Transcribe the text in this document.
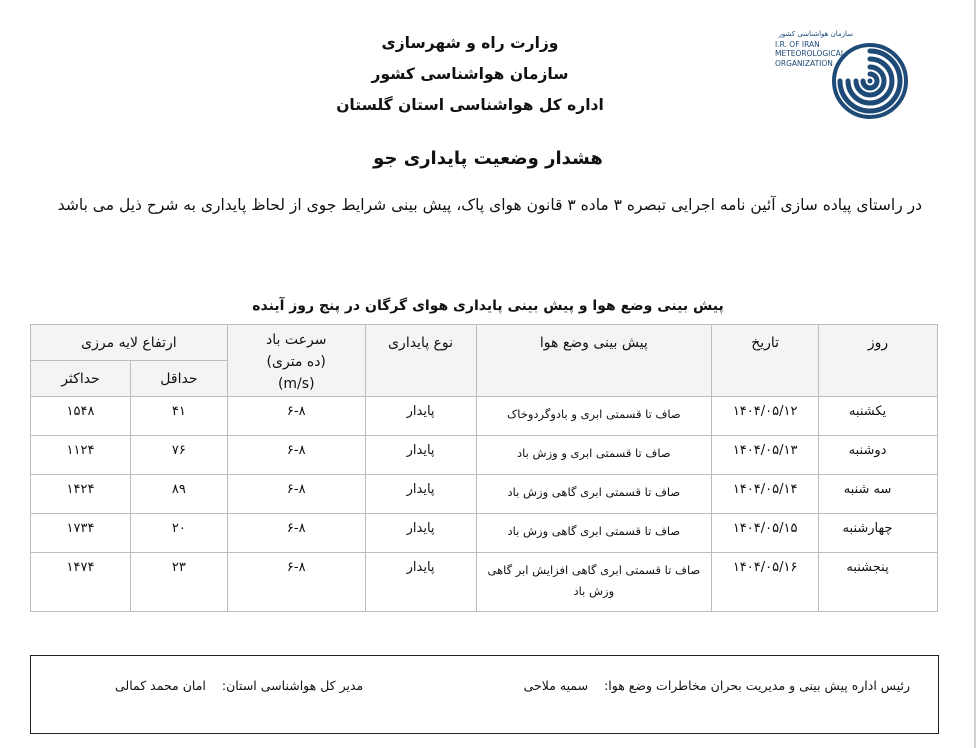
وزارت راه و شهرسازی
سازمان هواشناسی کشور
اداره کل هواشناسی استان گلستان
سازمان هواشناسی کشور
I.R. OF IRAN
METEOROLOGICAL
ORGANIZATION
هشدار وضعیت پایداری جو
در راستای پیاده سازی آئین نامه اجرایی تبصره ۳ ماده ۳ قانون هوای پاک، پیش بینی شرایط جوی از لحاظ پایداری به شرح ذیل می باشد
پیش بینی وضع هوا و پیش بینی پایداری هوای گرگان در پنج روز آینده
روز	تاریخ	پیش بینی وضع هوا	نوع پایداری	سرعت باد
(ده متری)
(m/s)	ارتفاع لایه مرزی	
					حداقل	حداکثر
یکشنبه	۱۴۰۴/۰۵/۱۲	صاف تا قسمتی ابری و بادوگردوخاک	پایدار	۶-۸	۴۱	۱۵۴۸
دوشنبه	۱۴۰۴/۰۵/۱۳	صاف تا قسمتی ابری و وزش باد	پایدار	۶-۸	۷۶	۱۱۲۴
سه شنبه	۱۴۰۴/۰۵/۱۴	صاف تا قسمتی ابری گاهی وزش باد	پایدار	۶-۸	۸۹	۱۴۲۴
چهارشنبه	۱۴۰۴/۰۵/۱۵	صاف تا قسمتی ابری گاهی وزش باد	پایدار	۶-۸	۲۰	۱۷۳۴
پنجشنبه	۱۴۰۴/۰۵/۱۶	صاف تا قسمتی ابری گاهی افزایش ابر گاهی وزش باد	پایدار	۶-۸	۲۳	۱۴۷۴
رئیس اداره پیش بینی و مدیریت بحران مخاطرات وضع هوا: سمیه ملاحی
مدیر کل هواشناسی استان: امان محمد کمالی
